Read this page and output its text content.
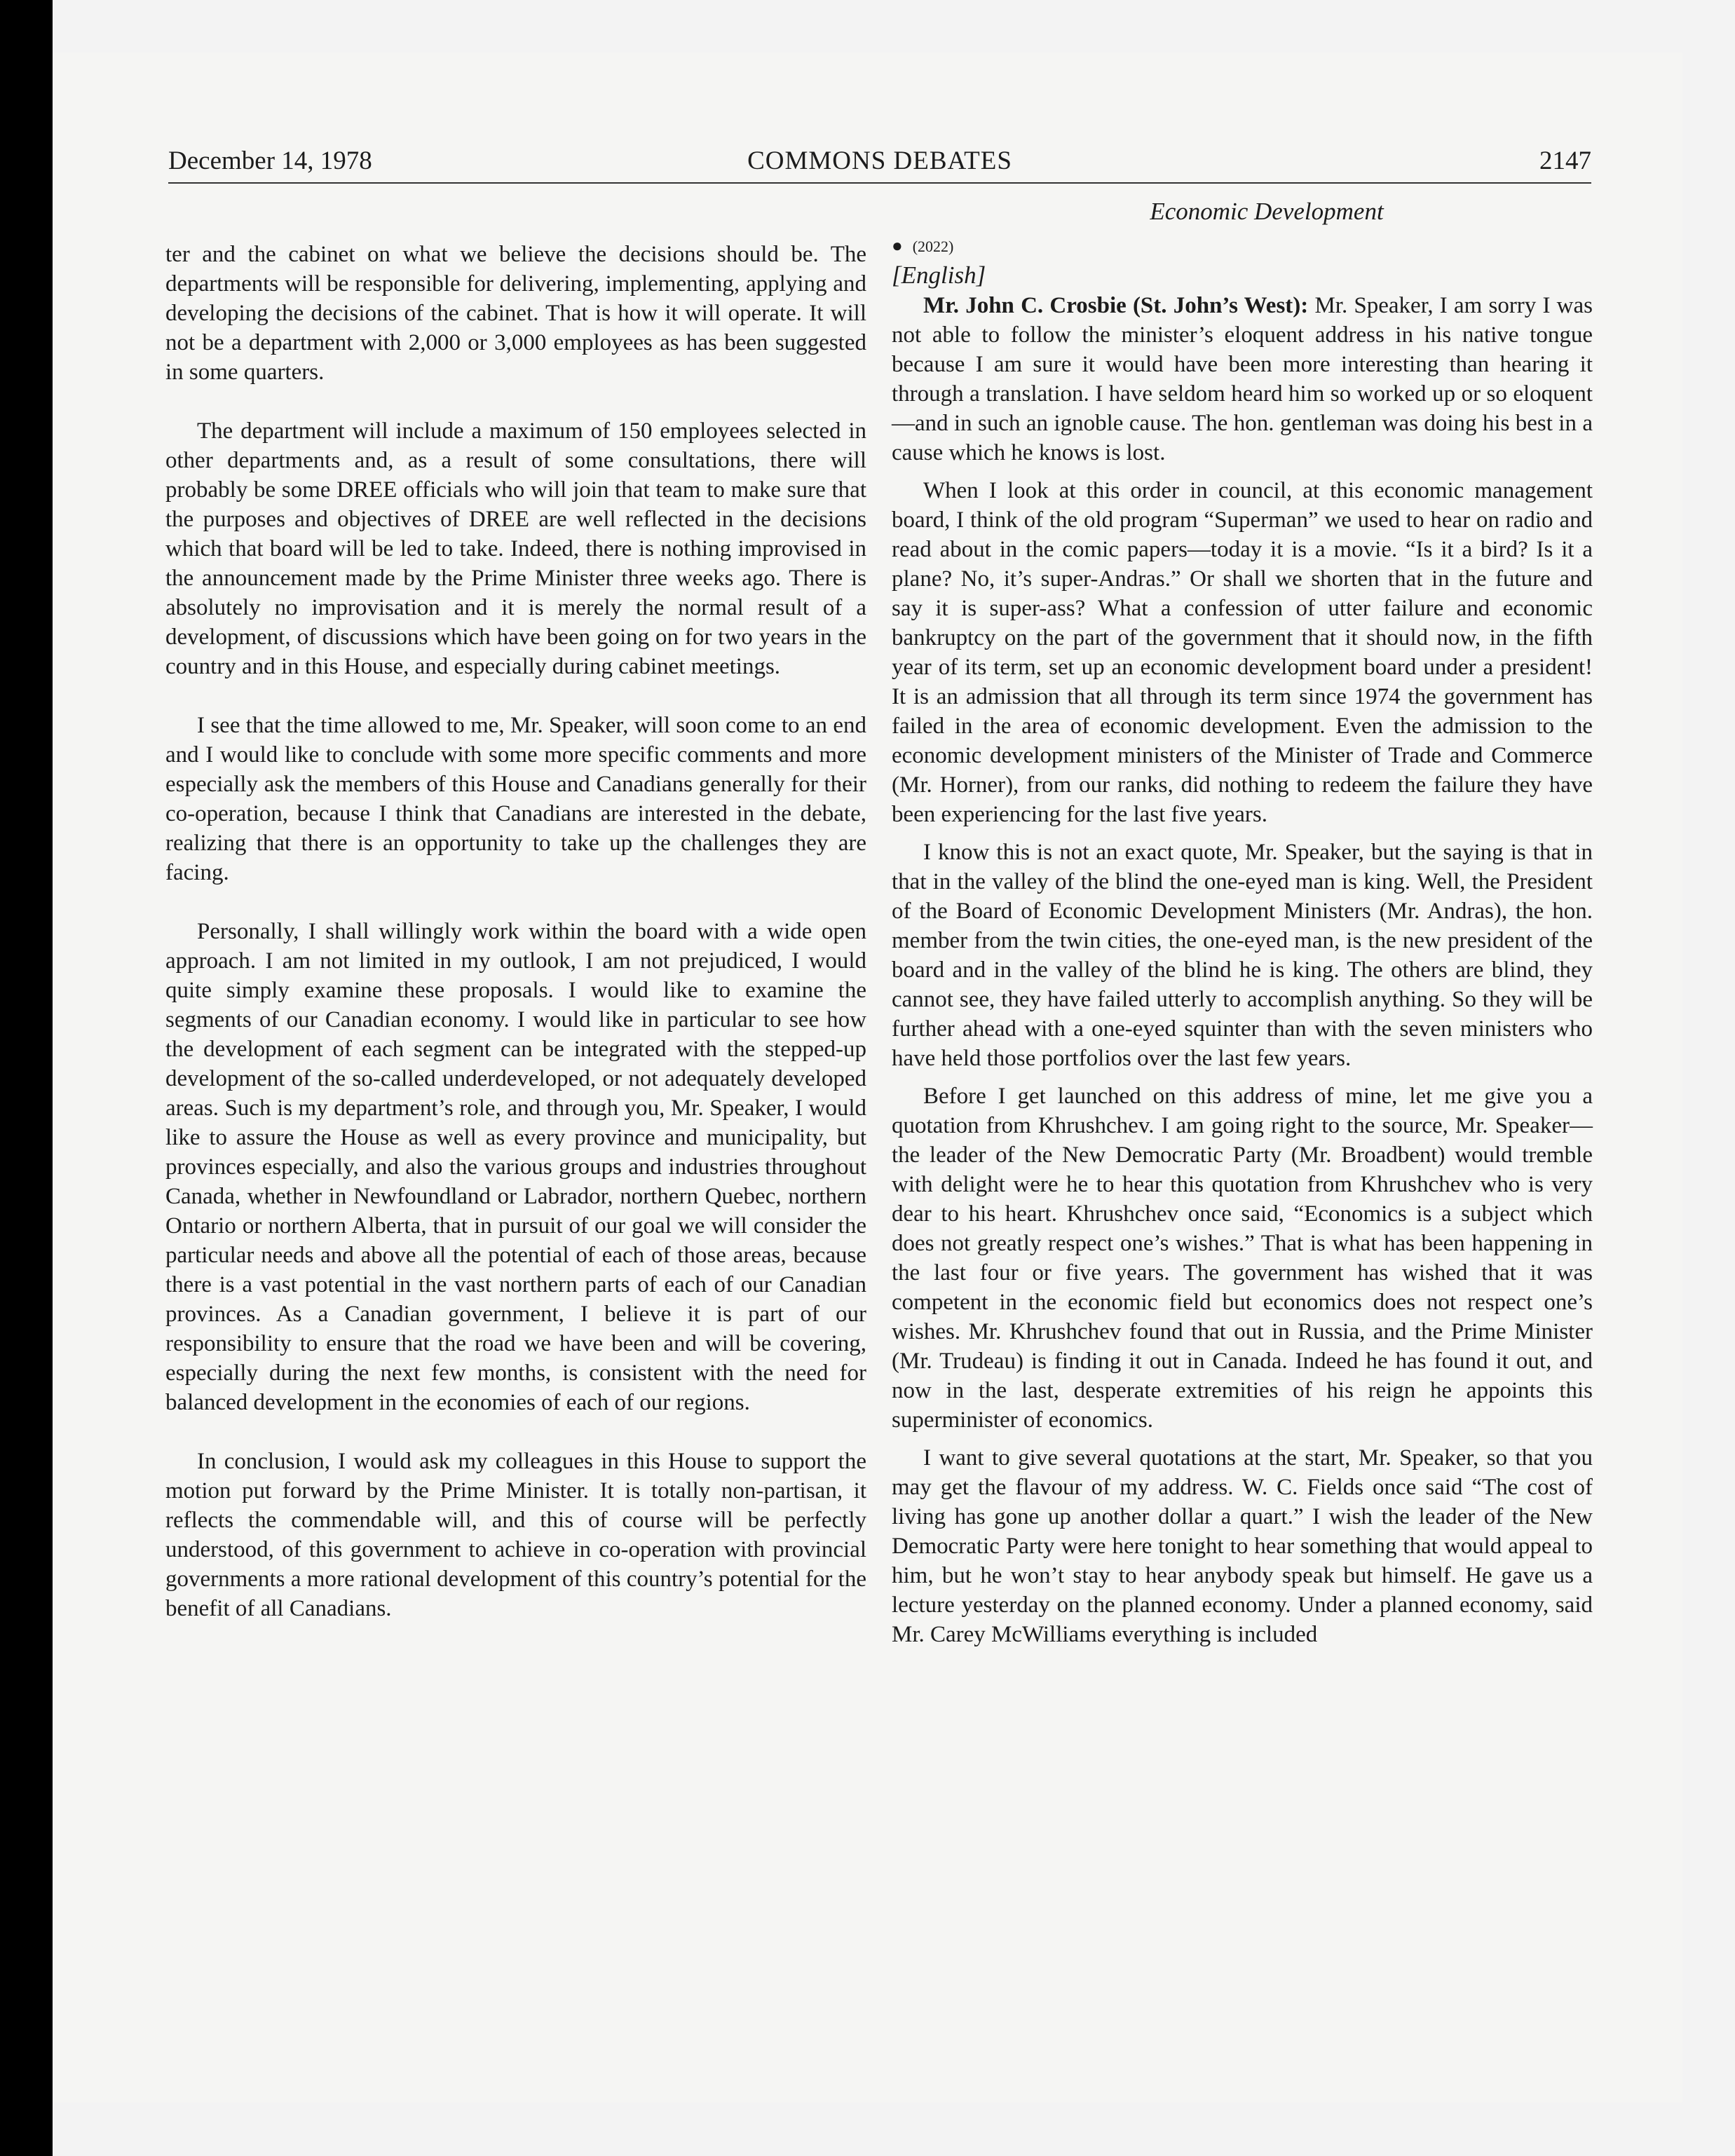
December 14, 1978	COMMONS DEBATES	2147

ter and the cabinet on what we believe the decisions should be. The departments will be responsible for delivering, implementing, applying and developing the decisions of the cabinet. That is how it will operate. It will not be a department with 2,000 or 3,000 employees as has been suggested in some quarters.

The department will include a maximum of 150 employees selected in other departments and, as a result of some consultations, there will probably be some DREE officials who will join that team to make sure that the purposes and objectives of DREE are well reflected in the decisions which that board will be led to take. Indeed, there is nothing improvised in the announcement made by the Prime Minister three weeks ago. There is absolutely no improvisation and it is merely the normal result of a development, of discussions which have been going on for two years in the country and in this House, and especially during cabinet meetings.

I see that the time allowed to me, Mr. Speaker, will soon come to an end and I would like to conclude with some more specific comments and more especially ask the members of this House and Canadians generally for their co-operation, because I think that Canadians are interested in the debate, realizing that there is an opportunity to take up the challenges they are facing.

Personally, I shall willingly work within the board with a wide open approach. I am not limited in my outlook, I am not prejudiced, I would quite simply examine these proposals. I would like to examine the segments of our Canadian economy. I would like in particular to see how the development of each segment can be integrated with the stepped-up development of the so-called underdeveloped, or not adequately developed areas. Such is my department’s role, and through you, Mr. Speaker, I would like to assure the House as well as every province and municipality, but provinces especially, and also the various groups and industries throughout Canada, whether in Newfoundland or Labrador, northern Quebec, northern Ontario or northern Alberta, that in pursuit of our goal we will consider the particular needs and above all the potential of each of those areas, because there is a vast potential in the vast northern parts of each of our Canadian provinces. As a Canadian government, I believe it is part of our responsibility to ensure that the road we have been and will be covering, especially during the next few months, is consistent with the need for balanced development in the economies of each of our regions.

In conclusion, I would ask my colleagues in this House to support the motion put forward by the Prime Minister. It is totally non-partisan, it reflects the commendable will, and this of course will be perfectly understood, of this government to achieve in co-operation with provincial governments a more rational development of this country’s potential for the benefit of all Canadians.

Economic Development
● (2022)
[English]

Mr. John C. Crosbie (St. John’s West): Mr. Speaker, I am sorry I was not able to follow the minister’s eloquent address in his native tongue because I am sure it would have been more interesting than hearing it through a translation. I have seldom heard him so worked up or so eloquent—and in such an ignoble cause. The hon. gentleman was doing his best in a cause which he knows is lost.

When I look at this order in council, at this economic management board, I think of the old program “Superman” we used to hear on radio and read about in the comic papers—today it is a movie. “Is it a bird? Is it a plane? No, it’s super-Andras.” Or shall we shorten that in the future and say it is super-ass? What a confession of utter failure and economic bankruptcy on the part of the government that it should now, in the fifth year of its term, set up an economic development board under a president! It is an admission that all through its term since 1974 the government has failed in the area of economic development. Even the admission to the economic development ministers of the Minister of Trade and Commerce (Mr. Horner), from our ranks, did nothing to redeem the failure they have been experiencing for the last five years.

I know this is not an exact quote, Mr. Speaker, but the saying is that in that in the valley of the blind the one-eyed man is king. Well, the President of the Board of Economic Development Ministers (Mr. Andras), the hon. member from the twin cities, the one-eyed man, is the new president of the board and in the valley of the blind he is king. The others are blind, they cannot see, they have failed utterly to accomplish anything. So they will be further ahead with a one-eyed squinter than with the seven ministers who have held those portfolios over the last few years.

Before I get launched on this address of mine, let me give you a quotation from Khrushchev. I am going right to the source, Mr. Speaker—the leader of the New Democratic Party (Mr. Broadbent) would tremble with delight were he to hear this quotation from Khrushchev who is very dear to his heart. Khrushchev once said, “Economics is a subject which does not greatly respect one’s wishes.” That is what has been happening in the last four or five years. The government has wished that it was competent in the economic field but economics does not respect one’s wishes. Mr. Khrushchev found that out in Russia, and the Prime Minister (Mr. Trudeau) is finding it out in Canada. Indeed he has found it out, and now in the last, desperate extremities of his reign he appoints this superminister of economics.

I want to give several quotations at the start, Mr. Speaker, so that you may get the flavour of my address. W. C. Fields once said “The cost of living has gone up another dollar a quart.” I wish the leader of the New Democratic Party were here tonight to hear something that would appeal to him, but he won’t stay to hear anybody speak but himself. He gave us a lecture yesterday on the planned economy. Under a planned economy, said Mr. Carey McWilliams everything is included
